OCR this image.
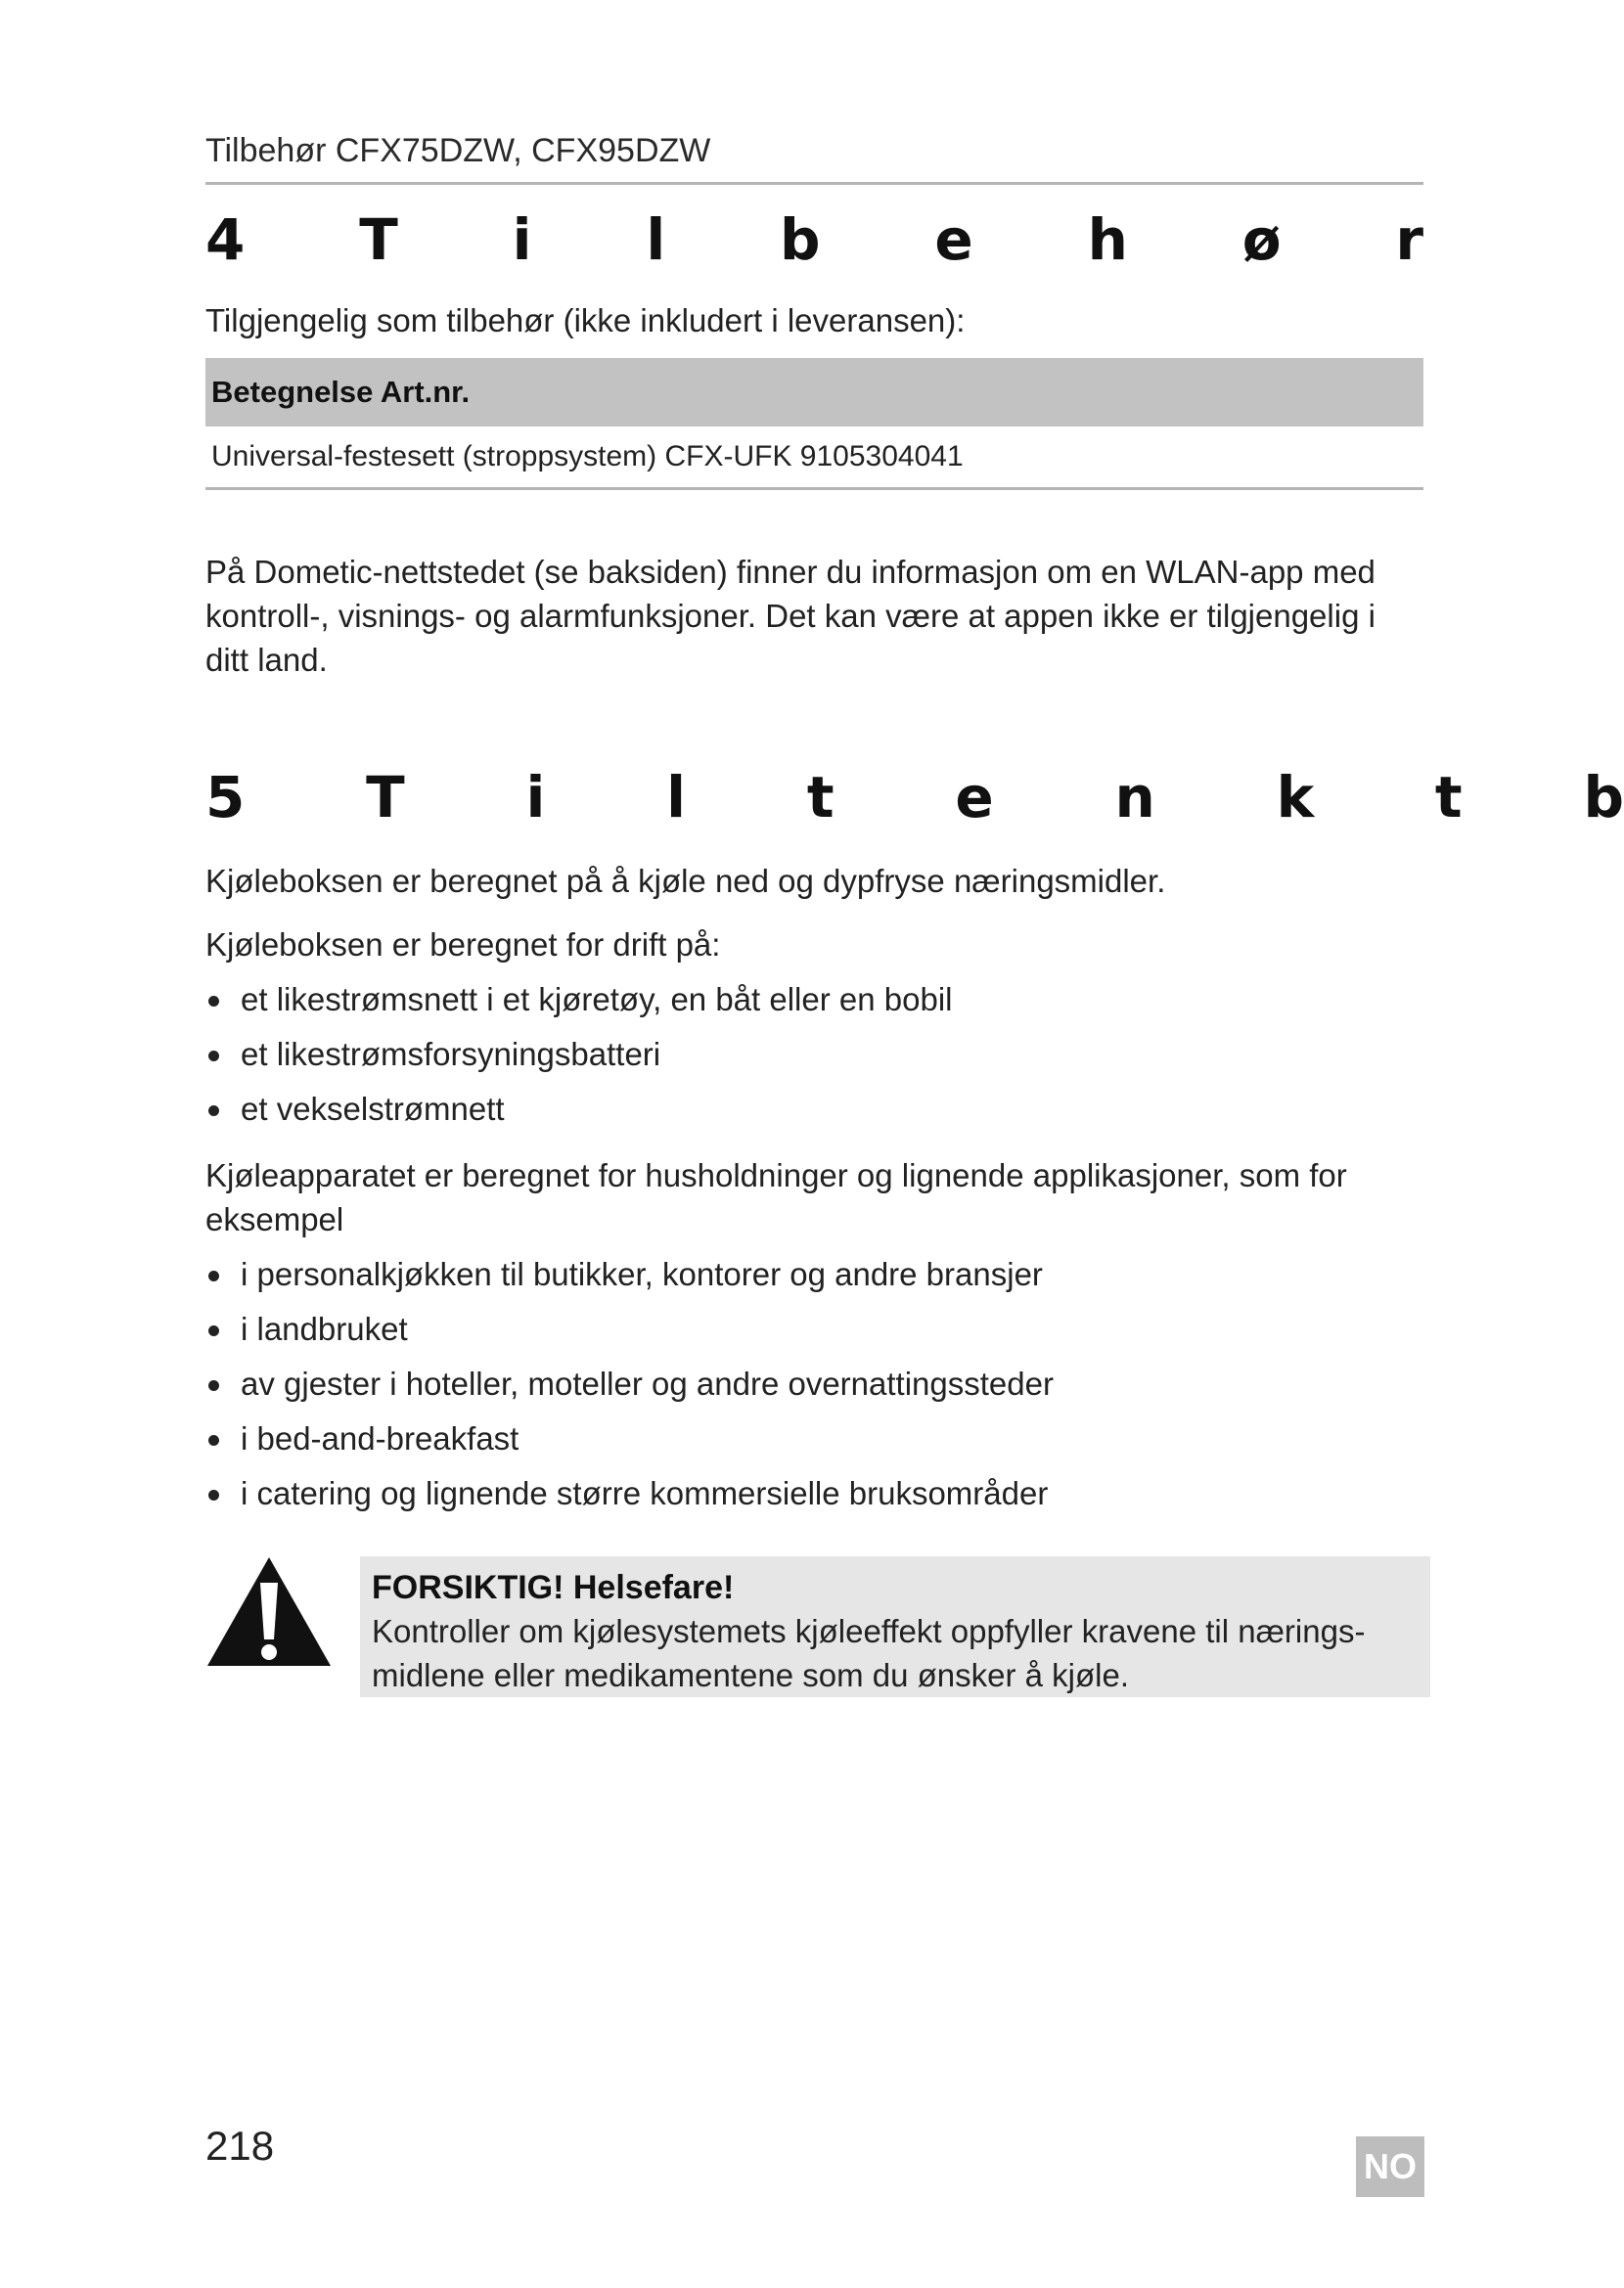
Tilbehør CFX75DZW, CFX95DZW
4 T i l b e h ø r
Tilgjengelig som tilbehør (ikke inkludert i leveransen):
Betegnelse Art.nr.
Universal-festesett (stroppsystem) CFX-UFK 9105304041
På Dometic-nettstedet (se baksiden) finner du informasjon om en WLAN-app med kontroll-, visnings- og alarmfunksjoner. Det kan være at appen ikke er tilgjengelig i ditt land.
5 T i l t e n k t b
Kjøleboksen er beregnet på å kjøle ned og dypfryse næringsmidler.
Kjøleboksen er beregnet for drift på:
et likestrømsnett i et kjøretøy, en båt eller en bobil
et likestrømsforsyningsbatteri
et vekselstrømnett
Kjøleapparatet er beregnet for husholdninger og lignende applikasjoner, som for eksempel
i personalkjøkken til butikker, kontorer og andre bransjer
i landbruket
av gjester i hoteller, moteller og andre overnattingssteder
i bed-and-breakfast
i catering og lignende større kommersielle bruksområder
FORSIKTIG! Helsefare!
Kontroller om kjølesystemets kjøleeffekt oppfyller kravene til nærings-midlene eller medikamentene som du ønsker å kjøle.
218	NO
